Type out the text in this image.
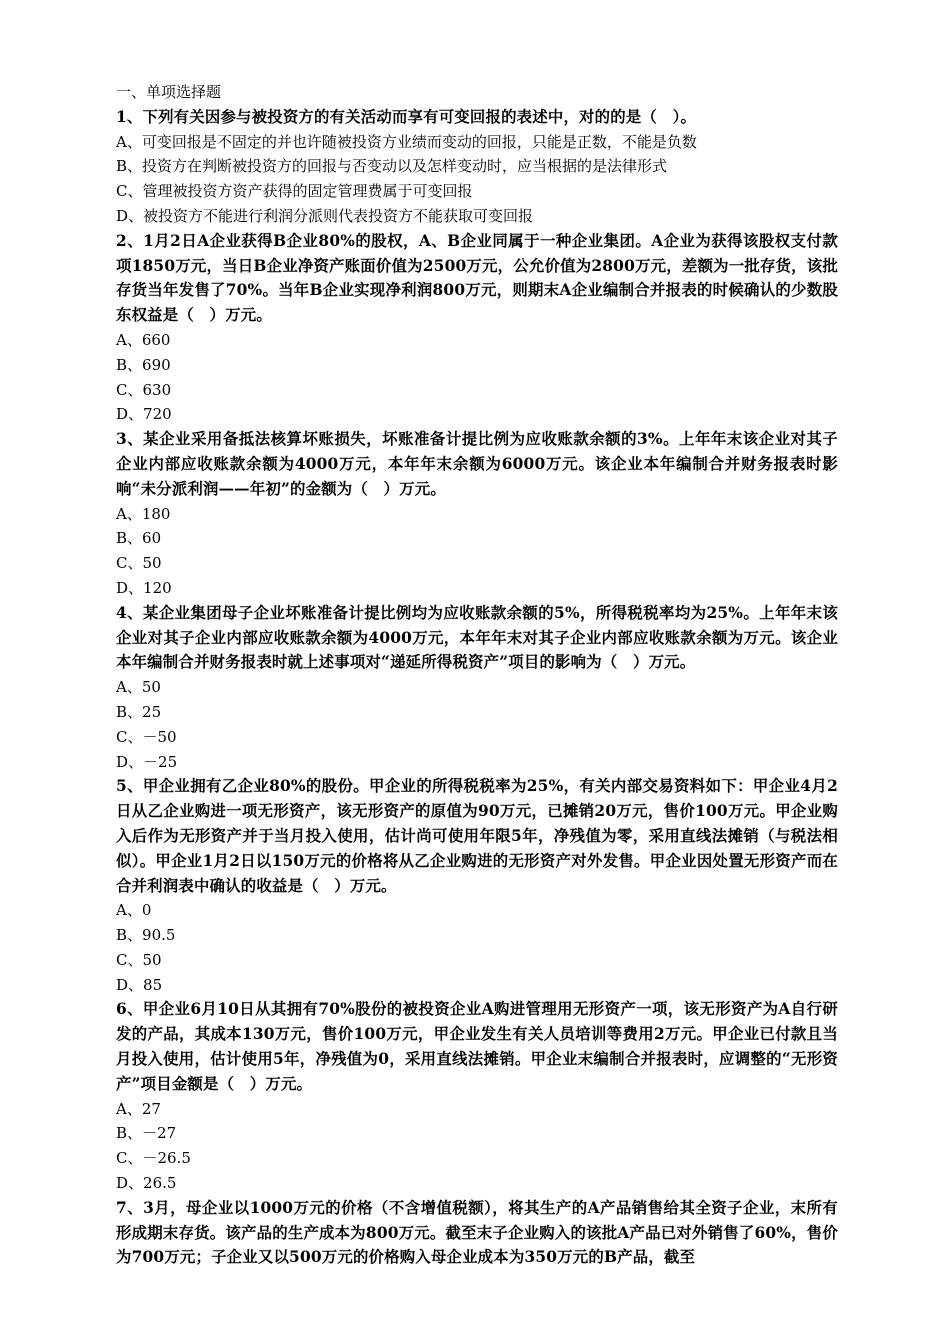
一、单项选择题
1、下列有关因参与被投资方的有关活动而享有可变回报的表述中，对的的是（　）。
A、可变回报是不固定的并也许随被投资方业绩而变动的回报，只能是正数，不能是负数
B、投资方在判断被投资方的回报与否变动以及怎样变动时，应当根据的是法律形式
C、管理被投资方资产获得的固定管理费属于可变回报
D、被投资方不能进行利润分派则代表投资方不能获取可变回报
2、1月2日A企业获得B企业80%的股权，A、B企业同属于一种企业集团。A企业为获得该股权支付款项1850万元，当日B企业净资产账面价值为2500万元，公允价值为2800万元，差额为一批存货，该批存货当年发售了70%。当年B企业实现净利润800万元，则期末A企业编制合并报表的时候确认的少数股东权益是（　）万元。
A、660
B、690
C、630
D、720
3、某企业采用备抵法核算坏账损失，坏账准备计提比例为应收账款余额的3%。上年年末该企业对其子企业内部应收账款余额为4000万元，本年年末余额为6000万元。该企业本年编制合并财务报表时影响“未分派利润——年初”的金额为（　）万元。
A、180
B、60
C、50
D、120
4、某企业集团母子企业坏账准备计提比例均为应收账款余额的5%，所得税税率均为25%。上年年末该企业对其子企业内部应收账款余额为4000万元，本年年末对其子企业内部应收账款余额为万元。该企业本年编制合并财务报表时就上述事项对“递延所得税资产”项目的影响为（　）万元。
A、50
B、25
C、－50
D、－25
5、甲企业拥有乙企业80%的股份。甲企业的所得税税率为25%，有关内部交易资料如下：甲企业4月2日从乙企业购进一项无形资产，该无形资产的原值为90万元，已摊销20万元，售价100万元。甲企业购入后作为无形资产并于当月投入使用，估计尚可使用年限5年，净残值为零，采用直线法摊销（与税法相似）。甲企业1月2日以150万元的价格将从乙企业购进的无形资产对外发售。甲企业因处置无形资产而在合并利润表中确认的收益是（　）万元。
A、0
B、90.5
C、50
D、85
6、甲企业6月10日从其拥有70%股份的被投资企业A购进管理用无形资产一项，该无形资产为A自行研发的产品，其成本130万元，售价100万元，甲企业发生有关人员培训等费用2万元。甲企业已付款且当月投入使用，估计使用5年，净残值为0，采用直线法摊销。甲企业末编制合并报表时，应调整的“无形资产”项目金额是（　）万元。
A、27
B、－27
C、－26.5
D、26.5
7、3月，母企业以1000万元的价格（不含增值税额），将其生产的A产品销售给其全资子企业，末所有形成期末存货。该产品的生产成本为800万元。截至末子企业购入的该批A产品已对外销售了60%，售价为700万元；子企业又以500万元的价格购入母企业成本为350万元的B产品，截至
